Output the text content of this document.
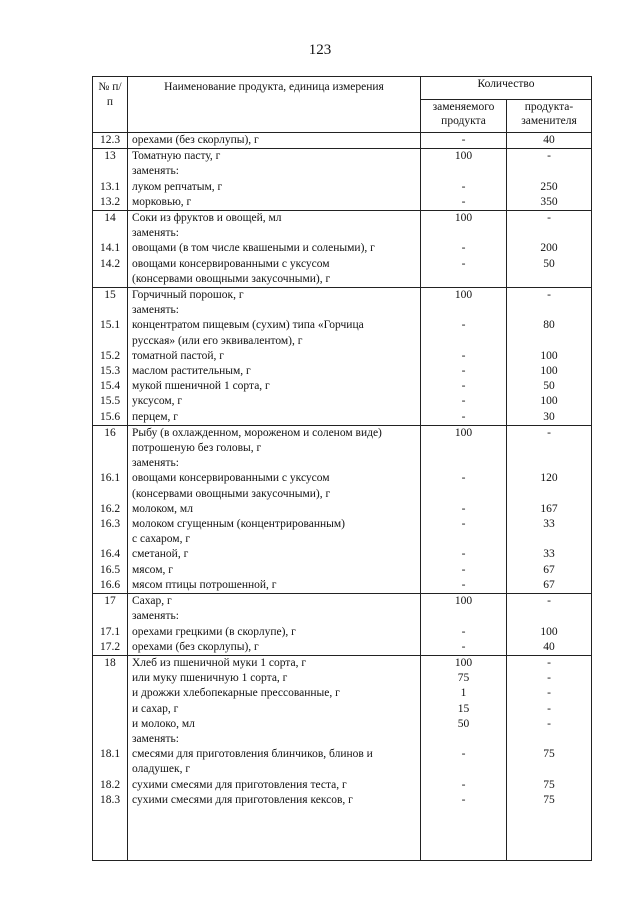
123
№ п/п	Наименование продукта, единица измерения	Количество	
		заменяемого продукта	продукта-заменителя
12.3	орехами (без скорлупы), г	-	40
13	Томатную пасту, г	100	-
	заменять:		
13.1	луком репчатым, г	-	250
13.2	морковью, г	-	350
14	Соки из фруктов и овощей, мл	100	-
	заменять:		
14.1	овощами (в том числе квашеными и солеными), г	-	200
14.2	овощами консервированными с уксусом	-	50
	(консервами овощными закусочными), г		
15	Горчичный порошок, г	100	-
	заменять:		
15.1	концентратом пищевым (сухим) типа «Горчица	-	80
	русская» (или его эквивалентом), г		
15.2	томатной пастой, г	-	100
15.3	маслом растительным, г	-	100
15.4	мукой пшеничной 1 сорта, г	-	50
15.5	уксусом, г	-	100
15.6	перцем, г	-	30
16	Рыбу (в охлажденном, мороженом и соленом виде)	100	-
	потрошеную без головы, г		
	заменять:		
16.1	овощами консервированными с уксусом	-	120
	(консервами овощными закусочными), г		
16.2	молоком, мл	-	167
16.3	молоком сгущенным (концентрированным)	-	33
	с сахаром, г		
16.4	сметаной, г	-	33
16.5	мясом, г	-	67
16.6	мясом птицы потрошенной, г	-	67
17	Сахар, г	100	-
	заменять:		
17.1	орехами грецкими (в скорлупе), г	-	100
17.2	орехами (без скорлупы), г	-	40
18	Хлеб из пшеничной муки 1 сорта, г	100	-
	или муку пшеничную 1 сорта, г	75	-
	и дрожжи хлебопекарные прессованные, г	1	-
	и сахар, г	15	-
	и молоко, мл	50	-
	заменять:		
18.1	смесями для приготовления блинчиков, блинов и	-	75
	оладушек, г		
18.2	сухими смесями для приготовления теста, г	-	75
18.3	сухими смесями для приготовления кексов, г	-	75
